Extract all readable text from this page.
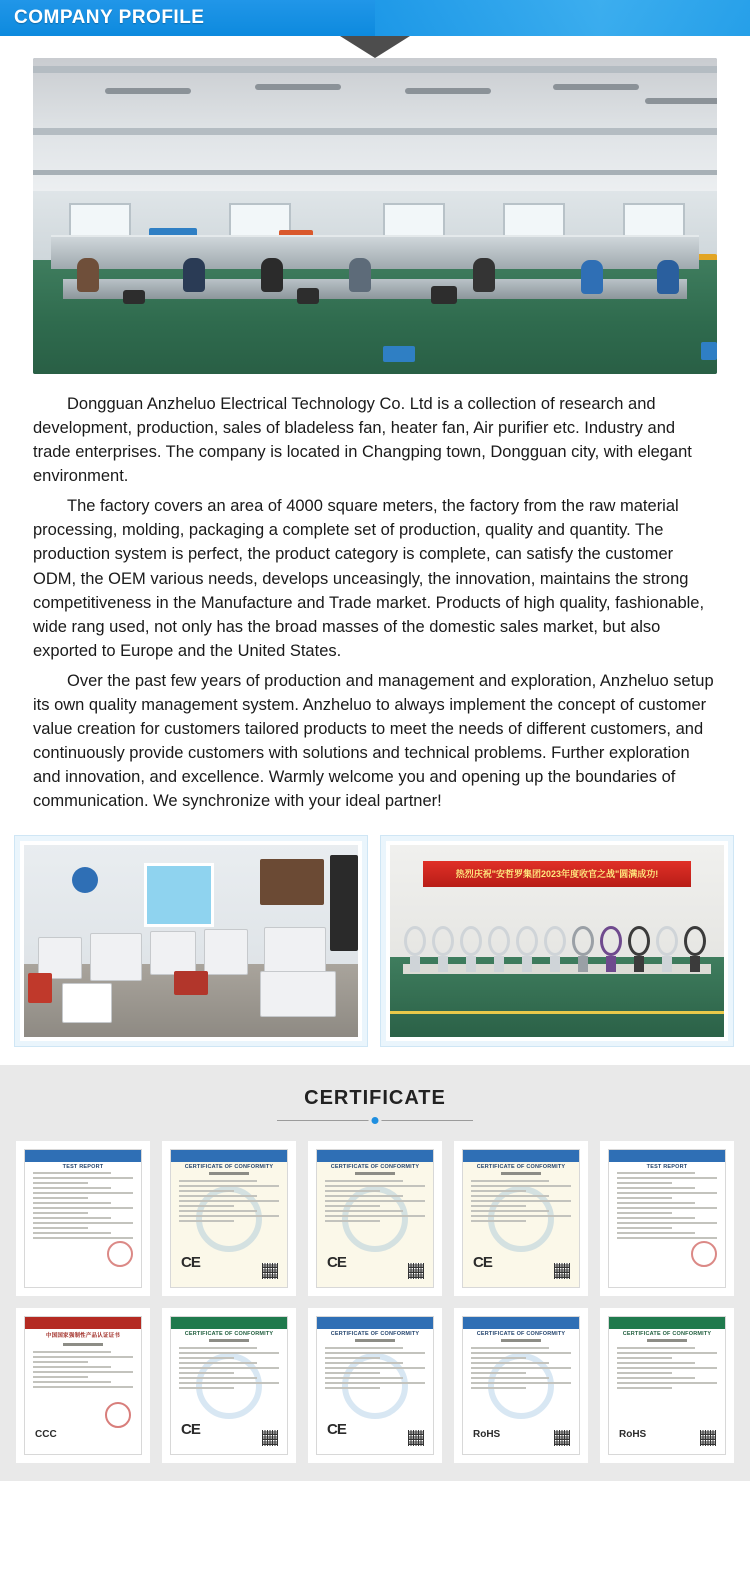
COMPANY PROFILE

Dongguan Anzheluo Electrical Technology Co. Ltd is a collection of research and development, production, sales of bladeless fan, heater fan, Air purifier etc. Industry and trade enterprises. The company is located in Changping town, Dongguan city, with elegant environment.

The factory covers an area of 4000 square meters, the factory from the raw material processing, molding, packaging a complete set of production, quality and quantity. The production system is perfect, the product category is complete, can satisfy the customer ODM, the OEM various needs, develops unceasingly, the innovation, maintains the strong competitiveness in the Manufacture and Trade market. Products of high quality, fashionable, wide rang used, not only has the broad masses of the domestic sales market, but also exported to Europe and the United States.

Over the past few years of production and management and exploration, Anzheluo setup its own quality management system. Anzheluo to always implement the concept of customer value creation for customers tailored products to meet the needs of different customers, and continuously provide customers with solutions and technical problems. Further exploration and innovation, and excellence. Warmly welcome you and opening up the boundaries of communication. We synchronize with your ideal partner!

热烈庆祝"安哲罗集团2023年度收官之战"圆满成功!
CERTIFICATE
TEST REPORT	CERTIFICATE OF CONFORMITY
CE
CERTIFICATE OF CONFORMITY
CE
CERTIFICATE OF CONFORMITY
CE
TEST REPORT
中国国家强制性产品认证证书
CCC
CERTIFICATE OF CONFORMITY
CE
CERTIFICATE OF CONFORMITY
CE
CERTIFICATE OF CONFORMITY
RoHS
CERTIFICATE OF CONFORMITY
RoHS
